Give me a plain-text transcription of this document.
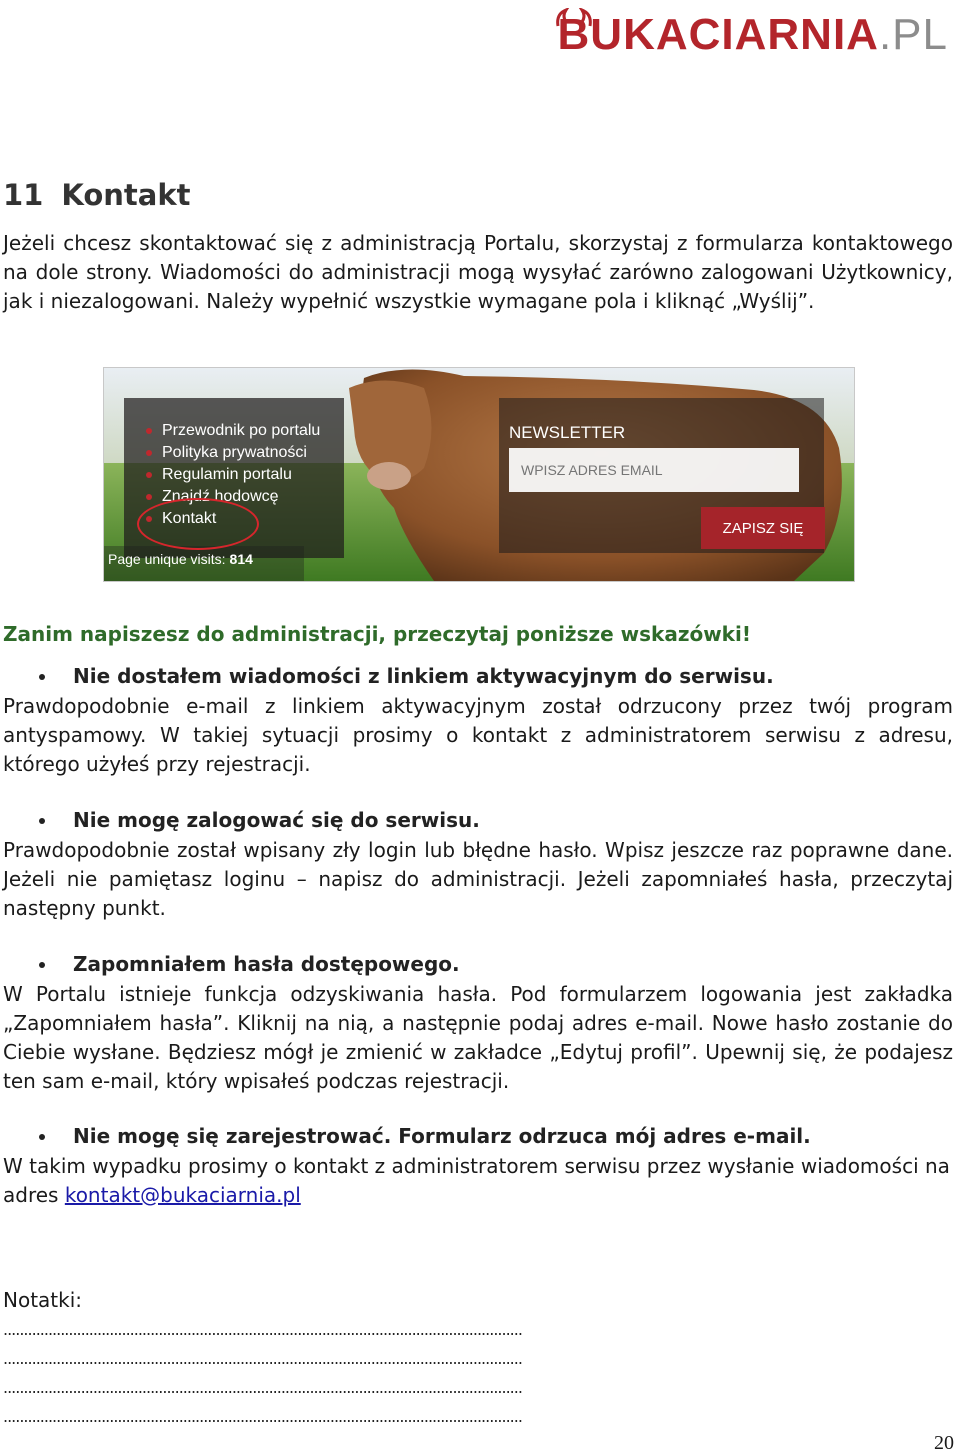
BUKACIARNIA.PL
11 Kontakt

Jeżeli chcesz skontaktować się z administracją Portalu, skorzystaj z formularza kontaktowego na dole strony. Wiadomości do administracji mogą wysyłać zarówno zalogowani Użytkownicy, jak i niezalogowani. Należy wypełnić wszystkie wymagane pola i kliknąć „Wyślij”.

Przewodnik po portalu
Polityka prywatności
Regulamin portalu
Znajdź hodowcę
Kontakt
Page unique visits: 814
NEWSLETTER
WPISZ ADRES EMAIL
ZAPISZ SIĘ

Zanim napiszesz do administracji, przeczytaj poniższe wskazówki!

Nie dostałem wiadomości z linkiem aktywacyjnym do serwisu.

Prawdopodobnie e-mail z linkiem aktywacyjnym został odrzucony przez twój program antyspamowy. W takiej sytuacji prosimy o kontakt z administratorem serwisu z adresu, którego użyłeś przy rejestracji.

Nie mogę zalogować się do serwisu.

Prawdopodobnie został wpisany zły login lub błędne hasło. Wpisz jeszcze raz poprawne dane. Jeżeli nie pamiętasz loginu – napisz do administracji. Jeżeli zapomniałeś hasła, przeczytaj następny punkt.

Zapomniałem hasła dostępowego.

W Portalu istnieje funkcja odzyskiwania hasła. Pod formularzem logowania jest zakładka „Zapomniałem hasła”. Kliknij na nią, a następnie podaj adres e-mail. Nowe hasło zostanie do Ciebie wysłane. Będziesz mógł je zmienić w zakładce „Edytuj profil”. Upewnij się, że podajesz ten sam e-mail, który wpisałeś podczas rejestracji.

Nie mogę się zarejestrować. Formularz odrzuca mój adres e-mail.

W takim wypadku prosimy o kontakt z administratorem serwisu przez wysłanie wiadomości na adres kontakt@bukaciarnia.pl

Notatki:
...............................................................................................................................
...............................................................................................................................
...............................................................................................................................
...............................................................................................................................
20
